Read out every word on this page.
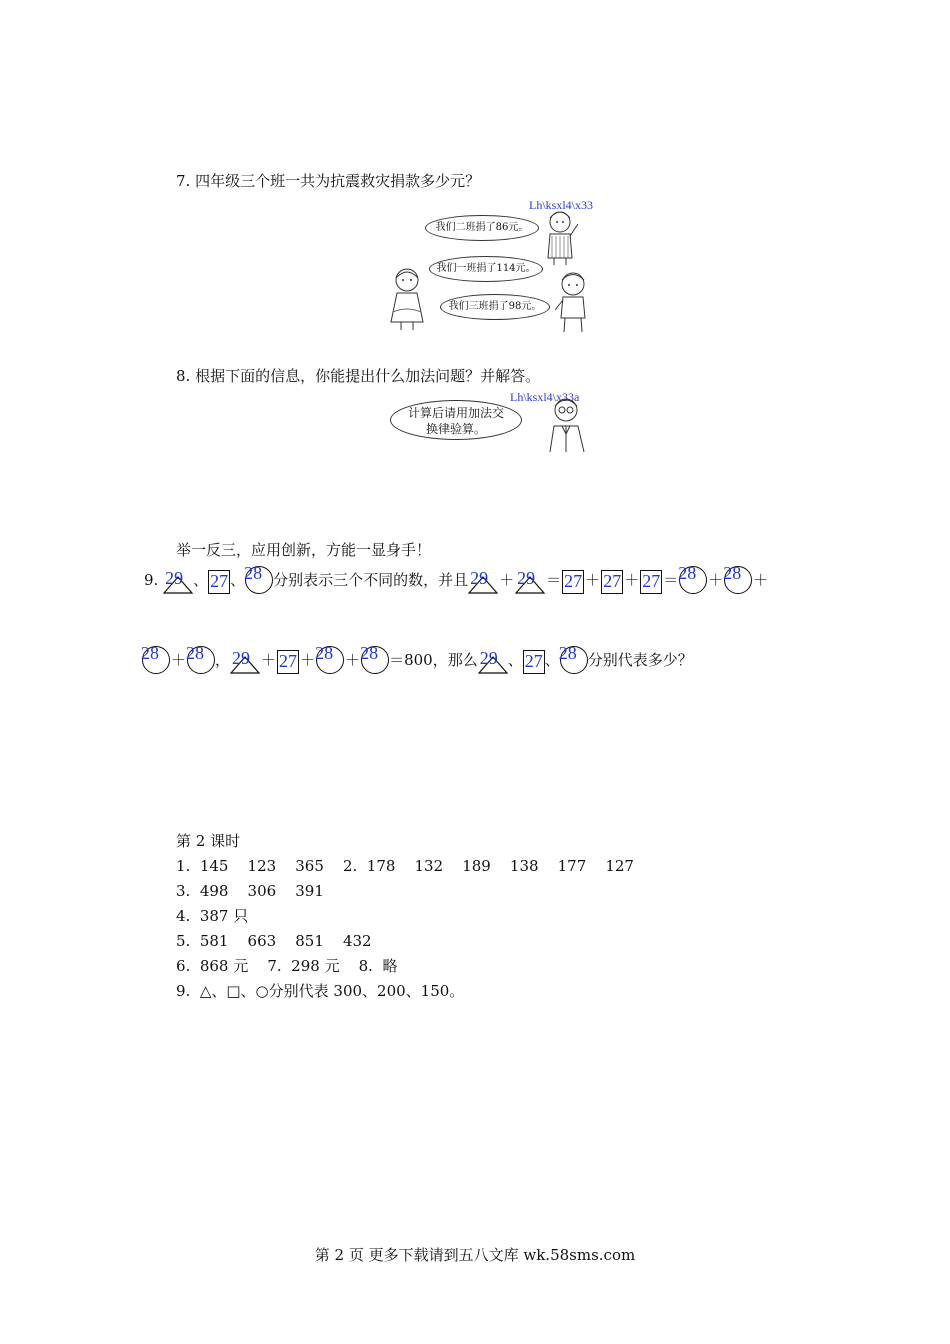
7. 四年级三个班一共为抗震救灾捐款多少元？
Lh\ksxl4\x33
我们二班捐了86元。
我们一班捐了114元。
我们三班捐了98元。
8. 根据下面的信息，你能提出什么加法问题？并解答。
Lh\ksxl4\x33a
计算后请用加法交换律验算。
举一反三，应用创新，方能一显身手！
9. 29 、 27 、 28 分别表示三个不同的数，并且 29 ＋ 29 ＝ 27 ＋ 27 ＋ 27 ＝ 28 ＋ 28 ＋
28 ＋ 28 ， 29 ＋ 27 ＋ 28 ＋ 28 ＝800，那么 29 、 27 、 28 分别代表多少？
第 2 课时
1.  145    123    365    2.  178    132    189    138    177    127
3.  498    306    391
4.  387 只
5.  581    663    851    432
6.  868 元    7.  298 元    8.  略
9.  △、□、○分别代表 300、200、150。
第 2 页 更多下载请到五八文库 wk.58sms.com
